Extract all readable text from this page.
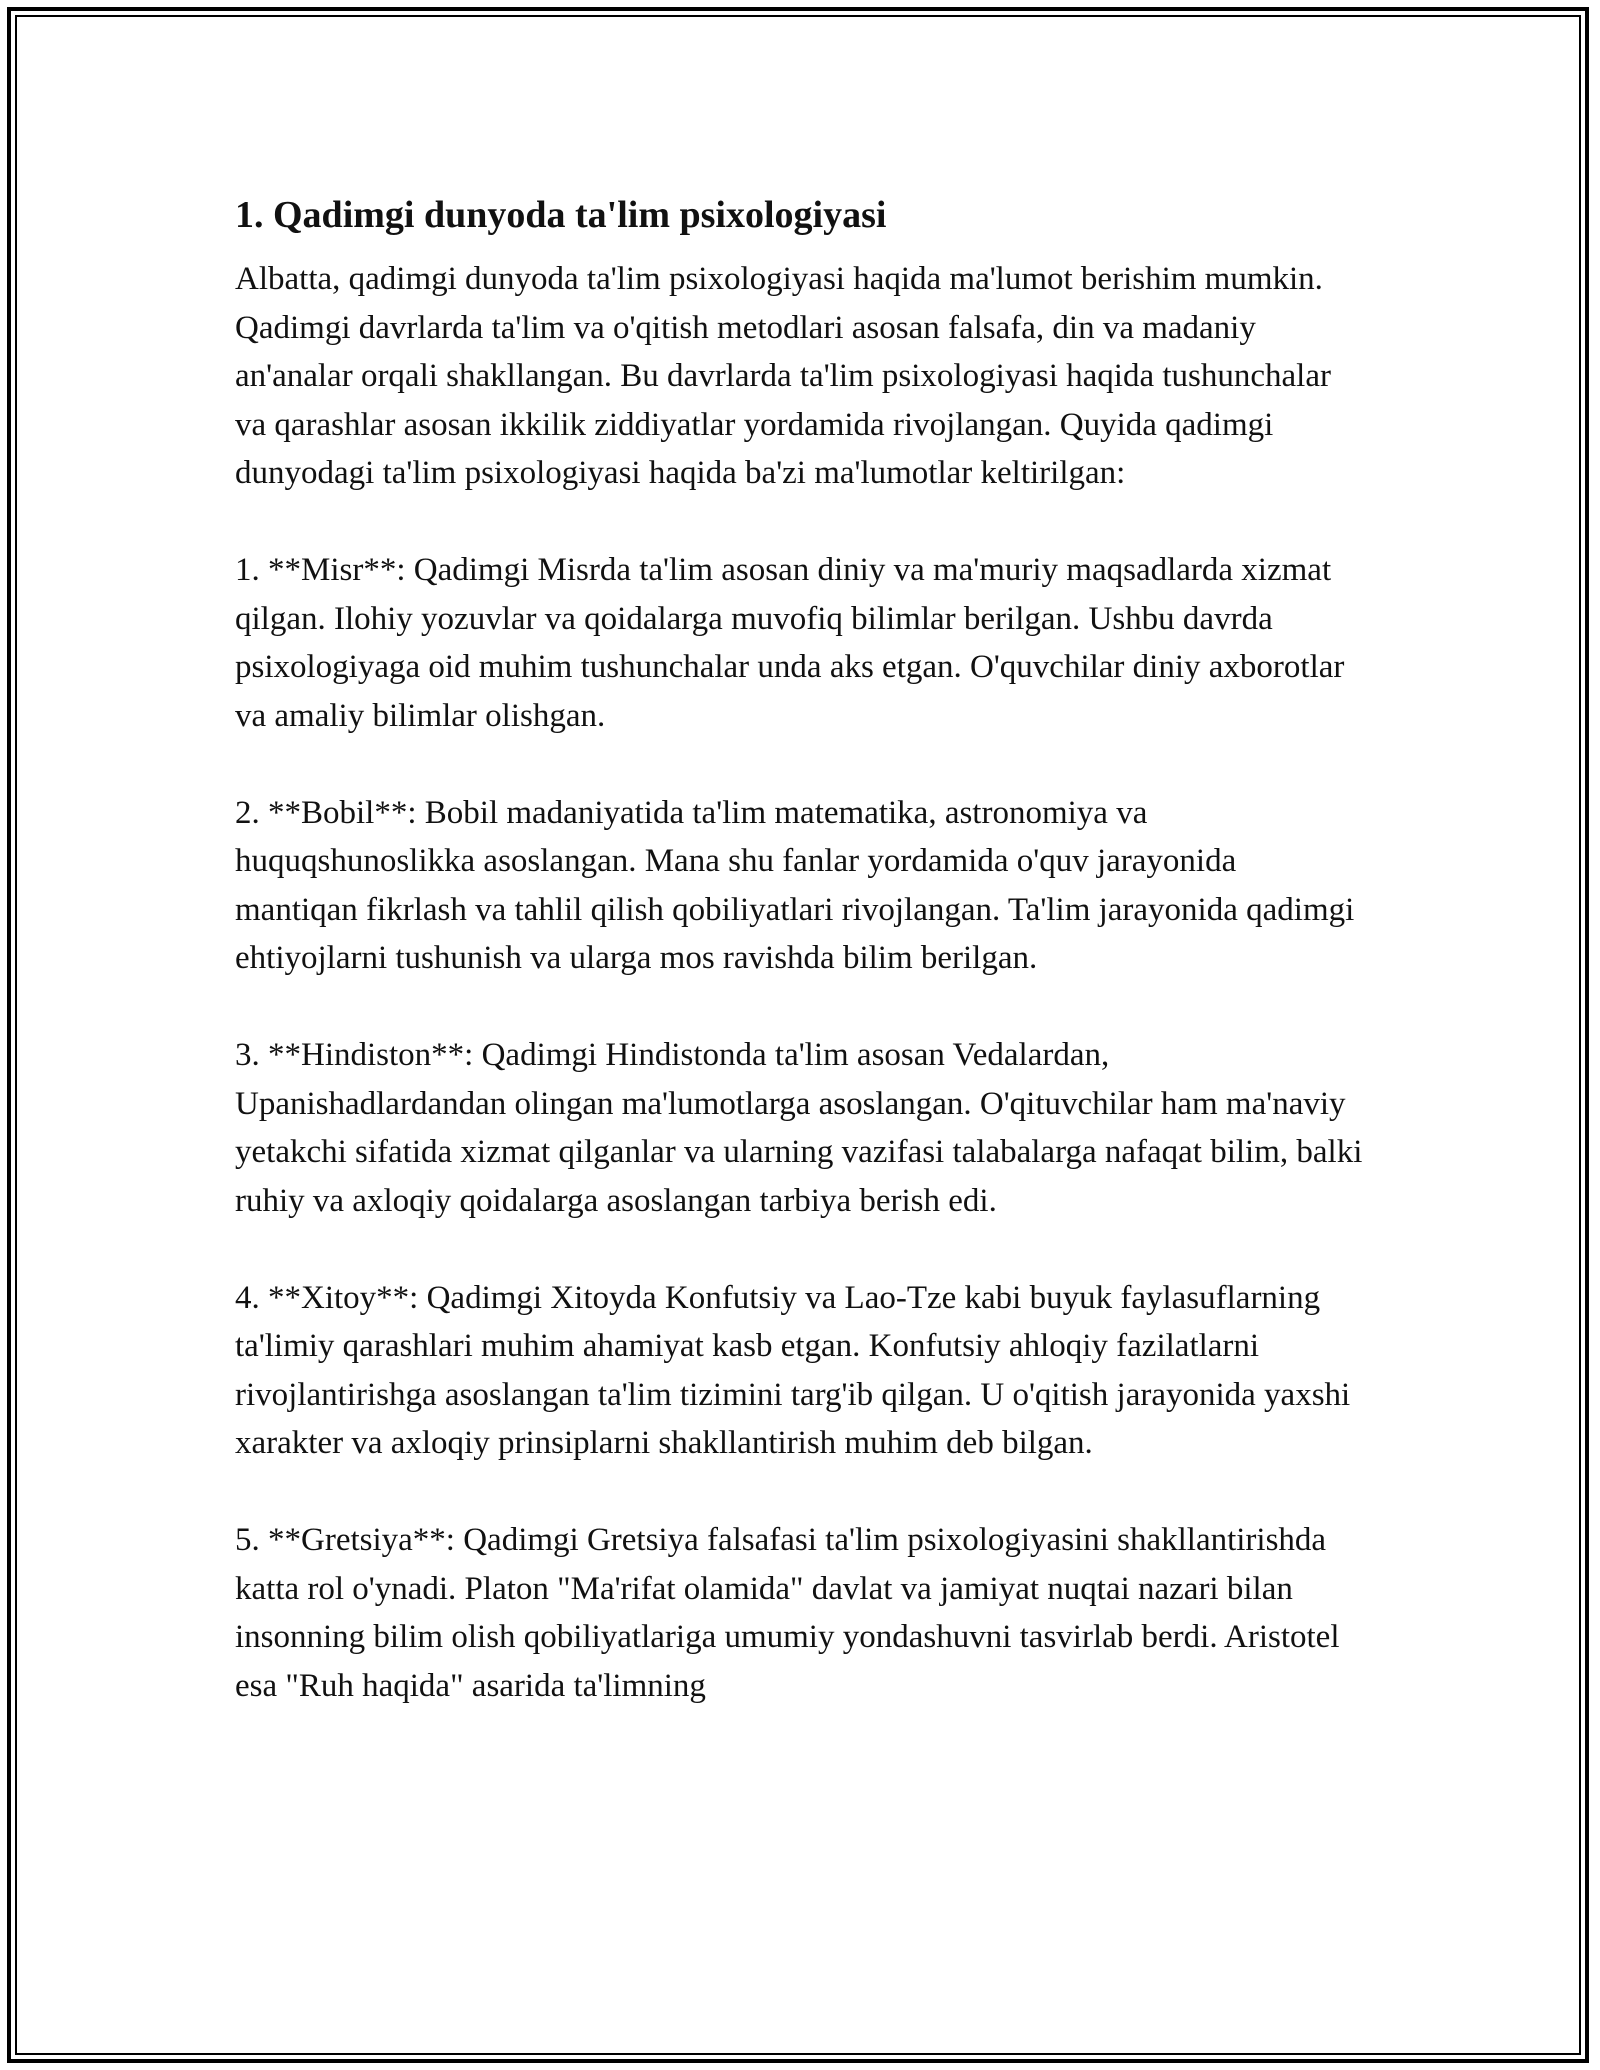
1. Qadimgi dunyoda ta'lim psixologiyasi

Albatta, qadimgi dunyoda ta'lim psixologiyasi haqida ma'lumot berishim mumkin. Qadimgi davrlarda ta'lim va o'qitish metodlari asosan falsafa, din va madaniy an'analar orqali shakllangan. Bu davrlarda ta'lim psixologiyasi haqida tushunchalar va qarashlar asosan ikkilik ziddiyatlar yordamida rivojlangan. Quyida qadimgi dunyodagi ta'lim psixologiyasi haqida ba'zi ma'lumotlar keltirilgan:

1. **Misr**: Qadimgi Misrda ta'lim asosan diniy va ma'muriy maqsadlarda xizmat qilgan. Ilohiy yozuvlar va qoidalarga muvofiq bilimlar berilgan. Ushbu davrda psixologiyaga oid muhim tushunchalar unda aks etgan. O'quvchilar diniy axborotlar va amaliy bilimlar olishgan.

2. **Bobil**: Bobil madaniyatida ta'lim matematika, astronomiya va huquqshunoslikka asoslangan. Mana shu fanlar yordamida o'quv jarayonida mantiqan fikrlash va tahlil qilish qobiliyatlari rivojlangan. Ta'lim jarayonida qadimgi ehtiyojlarni tushunish va ularga mos ravishda bilim berilgan.

3. **Hindiston**: Qadimgi Hindistonda ta'lim asosan Vedalardan, Upanishadlardandan olingan ma'lumotlarga asoslangan. O'qituvchilar ham ma'naviy yetakchi sifatida xizmat qilganlar va ularning vazifasi talabalarga nafaqat bilim, balki ruhiy va axloqiy qoidalarga asoslangan tarbiya berish edi.

4. **Xitoy**: Qadimgi Xitoyda Konfutsiy va Lao-Tze kabi buyuk faylasuflarning ta'limiy qarashlari muhim ahamiyat kasb etgan. Konfutsiy ahloqiy fazilatlarni rivojlantirishga asoslangan ta'lim tizimini targ'ib qilgan. U o'qitish jarayonida yaxshi xarakter va axloqiy prinsiplarni shakllantirish muhim deb bilgan.

5. **Gretsiya**: Qadimgi Gretsiya falsafasi ta'lim psixologiyasini shakllantirishda katta rol o'ynadi. Platon "Ma'rifat olamida" davlat va jamiyat nuqtai nazari bilan insonning bilim olish qobiliyatlariga umumiy yondashuvni tasvirlab berdi. Aristotel esa "Ruh haqida" asarida ta'limning
